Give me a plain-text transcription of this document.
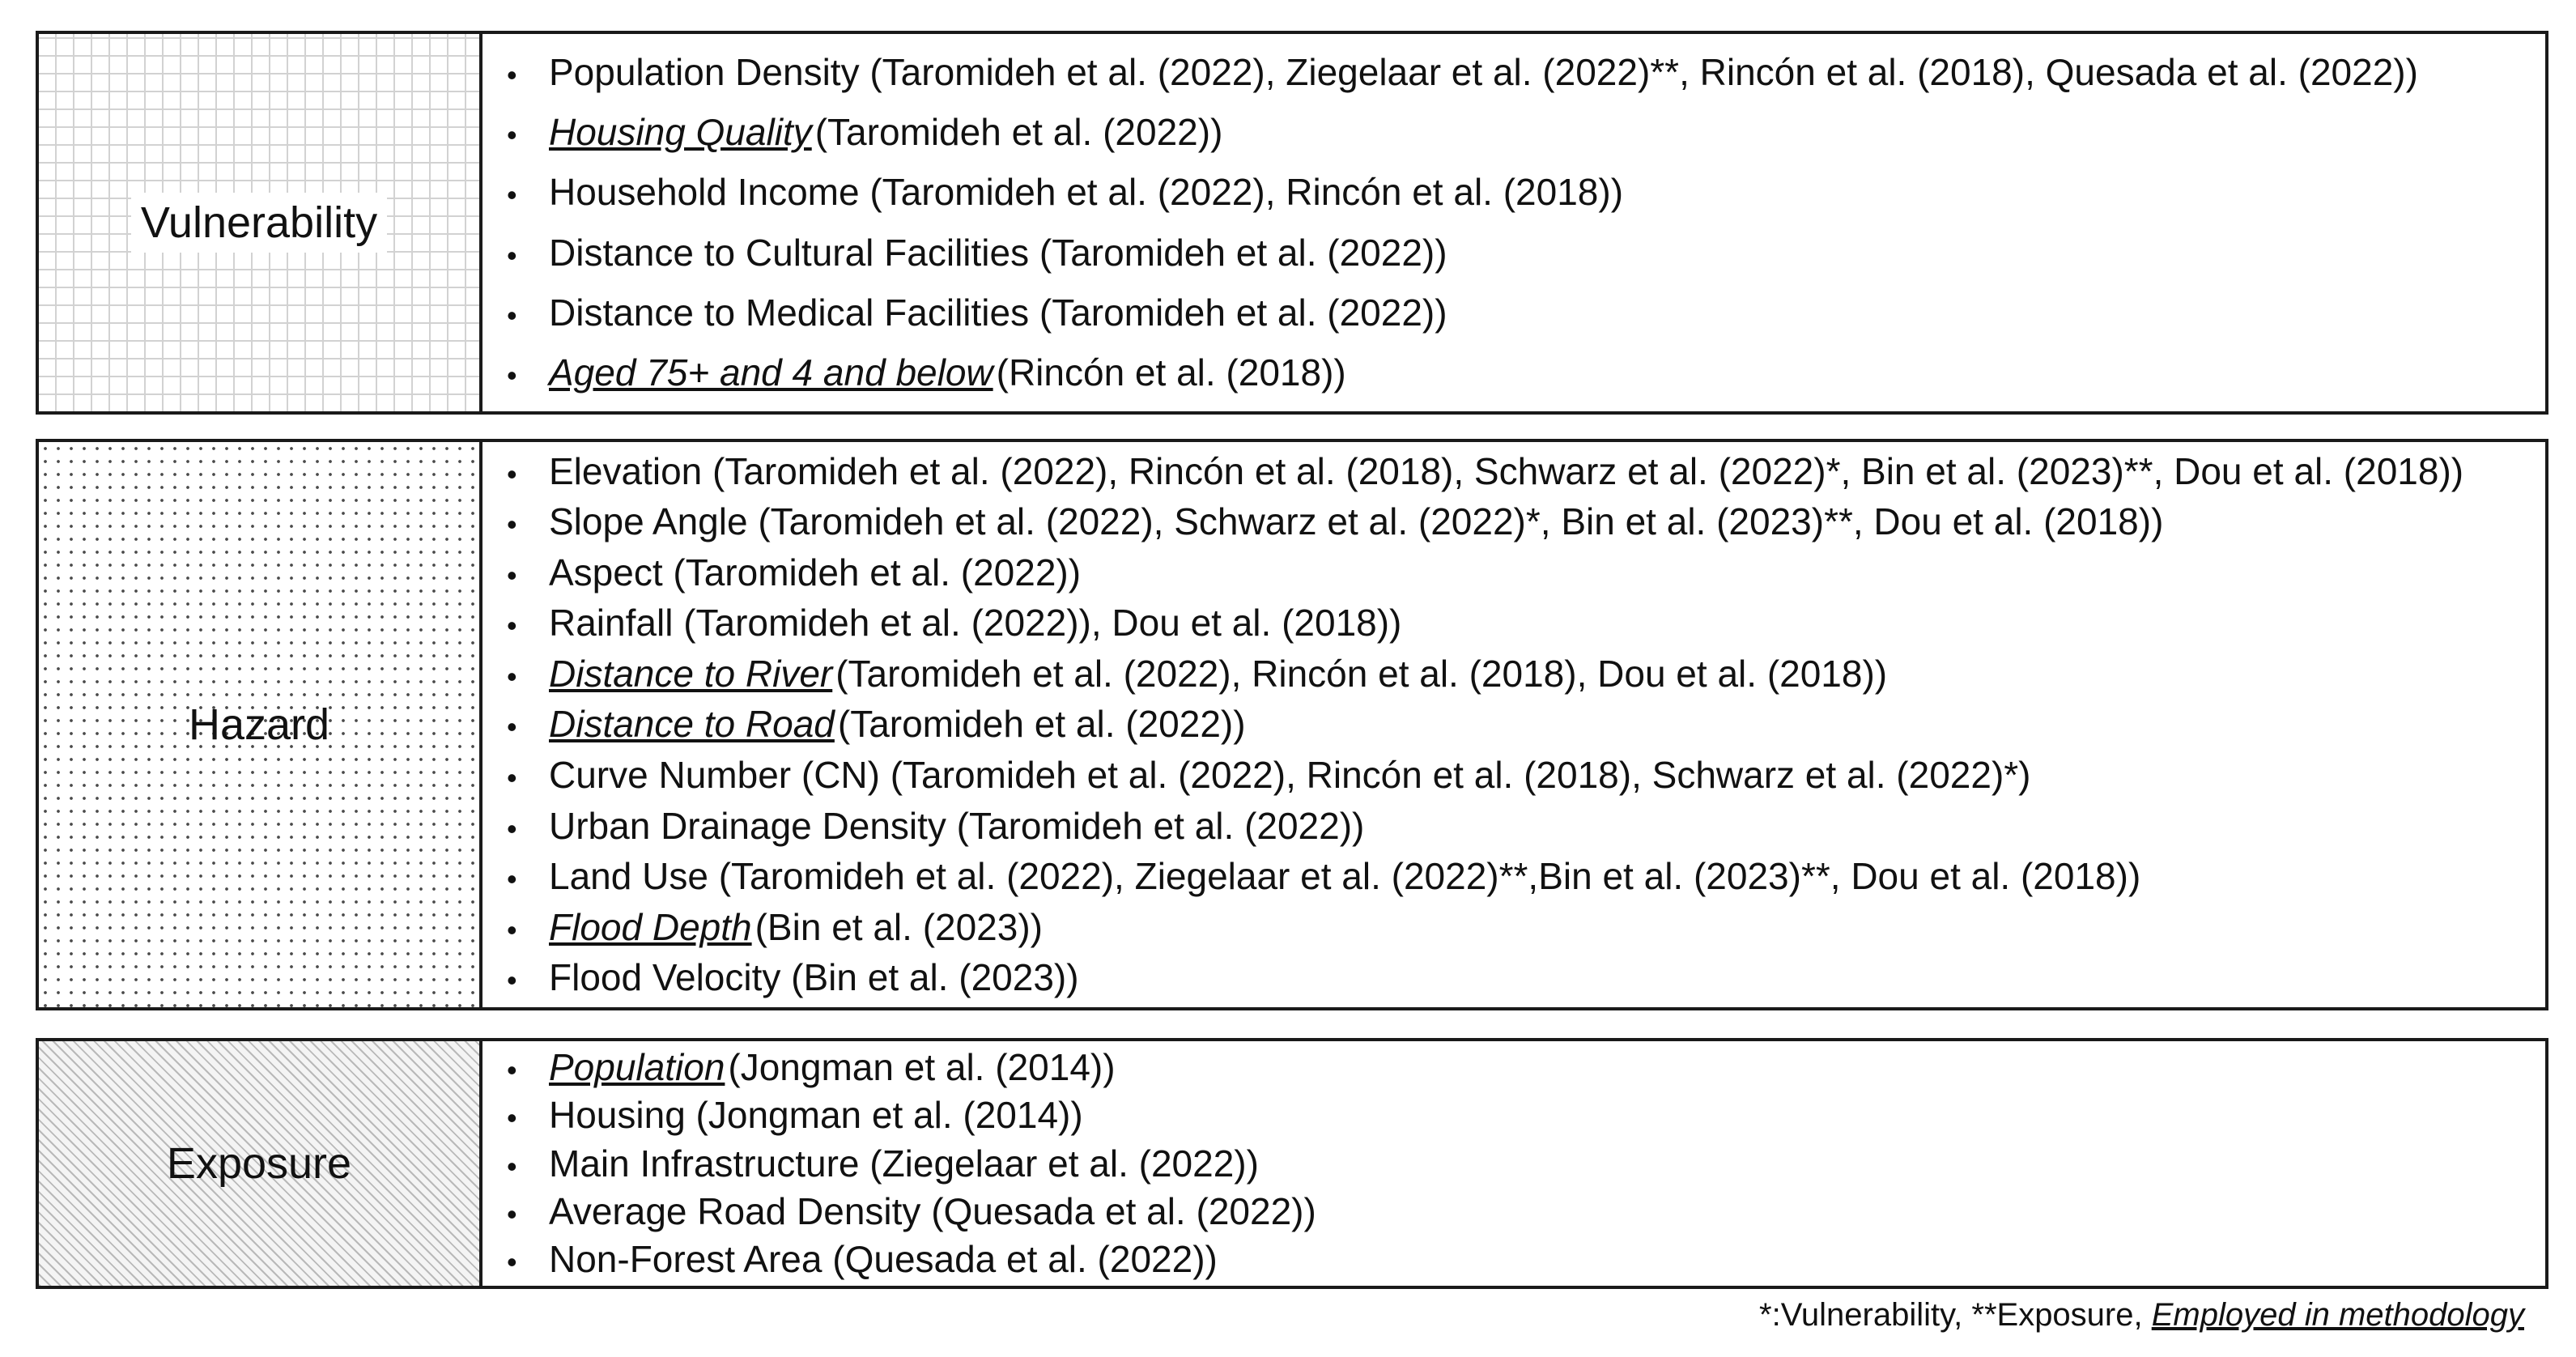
Vulnerability
• Population Density (Taromideh et al. (2022), Ziegelaar et al. (2022)**, Rincón et al. (2018), Quesada et al. (2022))
• Housing Quality(Taromideh et al. (2022))
• Household Income (Taromideh et al. (2022), Rincón et al. (2018))
• Distance to Cultural Facilities (Taromideh et al. (2022))
• Distance to Medical Facilities (Taromideh et al. (2022))
• Aged 75+ and 4 and below(Rincón et al. (2018))
Hazard
• Elevation (Taromideh et al. (2022), Rincón et al. (2018), Schwarz et al. (2022)*, Bin et al. (2023)**, Dou et al. (2018))
• Slope Angle (Taromideh et al. (2022), Schwarz et al. (2022)*, Bin et al. (2023)**, Dou et al. (2018))
• Aspect (Taromideh et al. (2022))
• Rainfall (Taromideh et al. (2022)), Dou et al. (2018))
• Distance to River(Taromideh et al. (2022), Rincón et al. (2018), Dou et al. (2018))
• Distance to Road(Taromideh et al. (2022))
• Curve Number (CN) (Taromideh et al. (2022), Rincón et al. (2018), Schwarz et al. (2022)*)
• Urban Drainage Density (Taromideh et al. (2022))
• Land Use (Taromideh et al. (2022), Ziegelaar et al. (2022)**,Bin et al. (2023)**, Dou et al. (2018))
• Flood Depth(Bin et al. (2023))
• Flood Velocity (Bin et al. (2023))
Exposure
• Population(Jongman et al. (2014))
• Housing (Jongman et al. (2014))
• Main Infrastructure (Ziegelaar et al. (2022))
• Average Road Density (Quesada et al. (2022))
• Non-Forest Area (Quesada et al. (2022))
*:Vulnerability, **Exposure, Employed in methodology
